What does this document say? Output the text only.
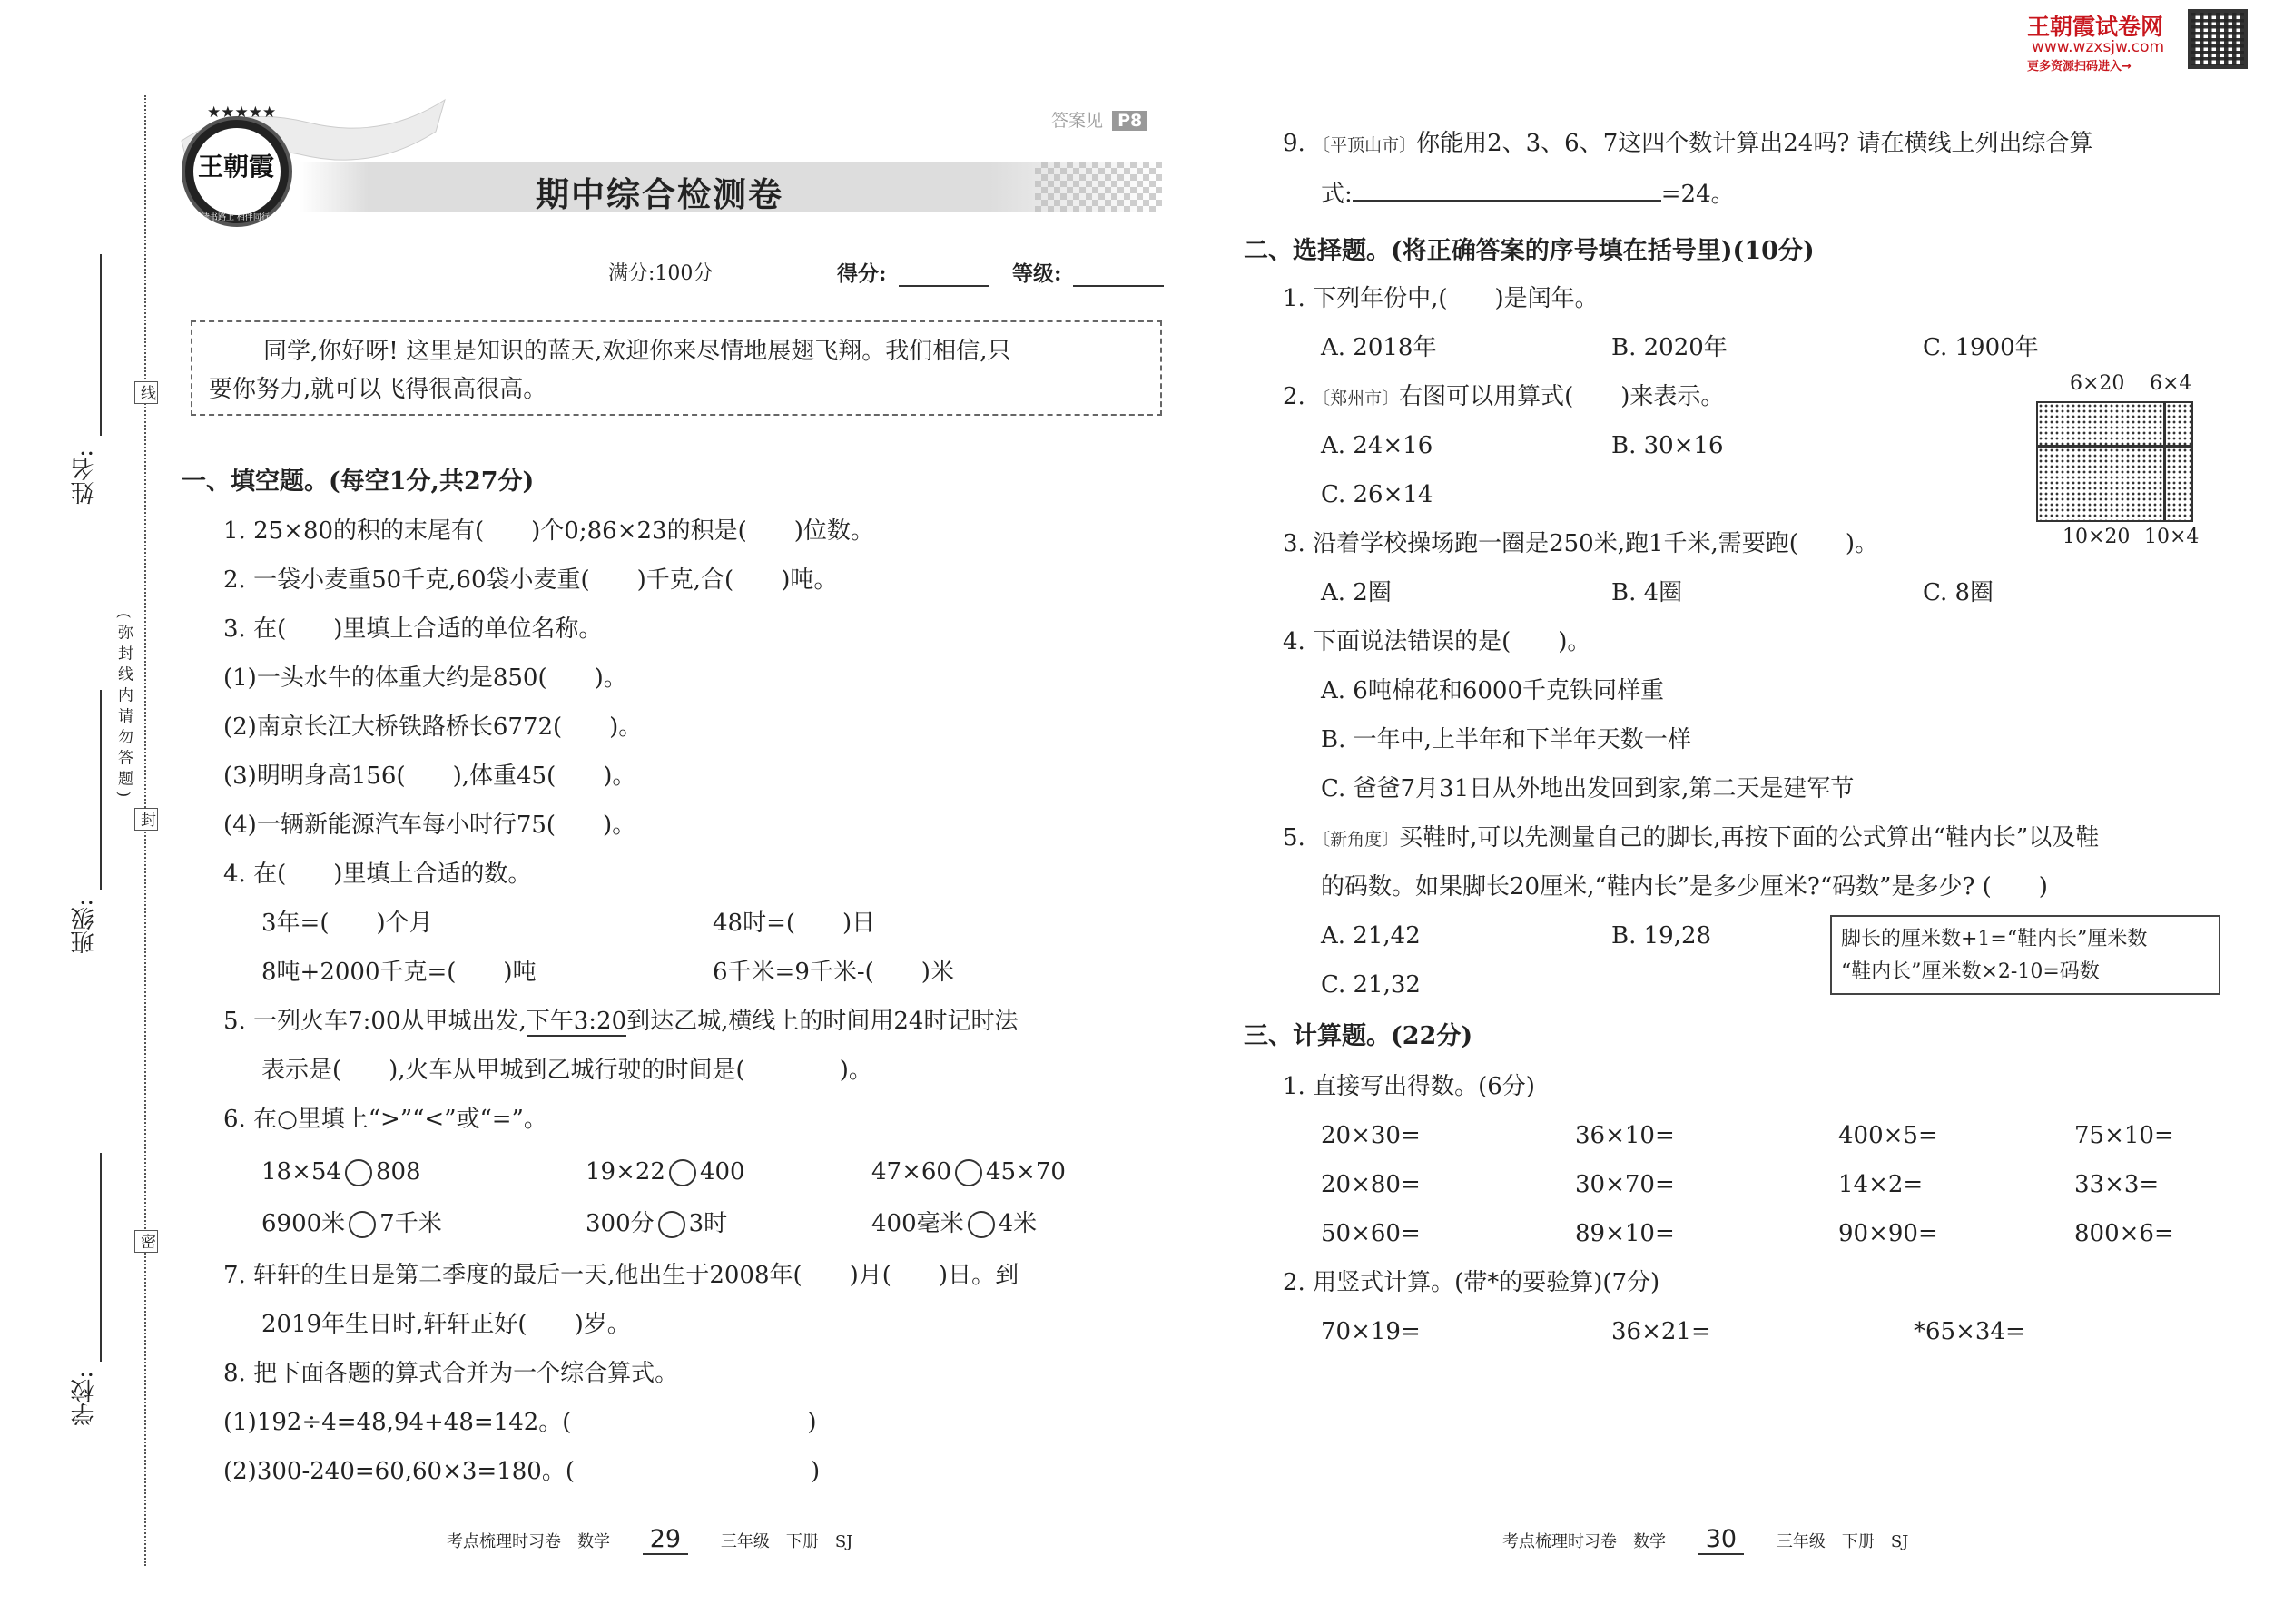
姓名:
班级:
学校:
线
(弥封线内请勿答题)
封
密
王朝霞
读书路上 相伴同行
★★★★★	答案见 P8
期中综合检测卷
满分:100分	得分:	等级:
同学,你好呀! 这里是知识的蓝天,欢迎你来尽情地展翅飞翔。我们相信,只
要你努力,就可以飞得很高很高。
一、填空题。(每空1分,共27分)
1. 25×80的积的末尾有(　　)个0;86×23的积是(　　)位数。
2. 一袋小麦重50千克,60袋小麦重(　　)千克,合(　　)吨。
3. 在(　　)里填上合适的单位名称。
(1)一头水牛的体重大约是850(　　)。
(2)南京长江大桥铁路桥长6772(　　)。
(3)明明身高156(　　),体重45(　　)。
(4)一辆新能源汽车每小时行75(　　)。
4. 在(　　)里填上合适的数。
3年=(　　)个月	48时=(　　)日
8吨+2000千克=(　　)吨	6千米=9千米-(　　)米
5. 一列火车7:00从甲城出发,下午3:20到达乙城,横线上的时间用24时记时法
表示是(　　),火车从甲城到乙城行驶的时间是(　　　　)。
6. 在○里填上“>”“<”或“=”。
18×54 808	19×22 400	47×60 45×70
6900米 7千米	300分 3时	400毫米 4米
7. 轩轩的生日是第二季度的最后一天,他出生于2008年(　　)月(　　)日。到
2019年生日时,轩轩正好(　　)岁。
8. 把下面各题的算式合并为一个综合算式。
(1)192÷4=48,94+48=142。(　　　　　　　　　　)
(2)300-240=60,60×3=180。(　　　　　　　　　　)
王朝霞试卷网
www.wzxsjw.com
更多资源扫码进入→
9. 〔平顶山市〕你能用2、3、6、7这四个数计算出24吗? 请在横线上列出综合算
式:	=24。
二、选择题。(将正确答案的序号填在括号里)(10分)
1. 下列年份中,(　　)是闰年。
A. 2018年	B. 2020年	C. 1900年
2. 〔郑州市〕右图可以用算式(　　)来表示。
A. 24×16	B. 30×16
C. 26×14
6×20 6×4
10×20 10×4
3. 沿着学校操场跑一圈是250米,跑1千米,需要跑(　　)。
A. 2圈	B. 4圈	C. 8圈
4. 下面说法错误的是(　　)。
A. 6吨棉花和6000千克铁同样重
B. 一年中,上半年和下半年天数一样
C. 爸爸7月31日从外地出发回到家,第二天是建军节
5. 〔新角度〕买鞋时,可以先测量自己的脚长,再按下面的公式算出“鞋内长”以及鞋
的码数。如果脚长20厘米,“鞋内长”是多少厘米?“码数”是多少? (　　)
A. 21,42	B. 19,28
C. 21,32
脚长的厘米数+1=“鞋内长”厘米数
“鞋内长”厘米数×2-10=码数
三、计算题。(22分)
1. 直接写出得数。(6分)
20×30=	36×10=	400×5=	75×10=
20×80=	30×70=	14×2=	33×3=
50×60=	89×10=	90×90=	800×6=
2. 用竖式计算。(带*的要验算)(7分)
70×19=	36×21=	*65×34=
考点梳理时习卷　数学 29 三年级　下册　SJ	考点梳理时习卷　数学 30 三年级　下册　SJ
